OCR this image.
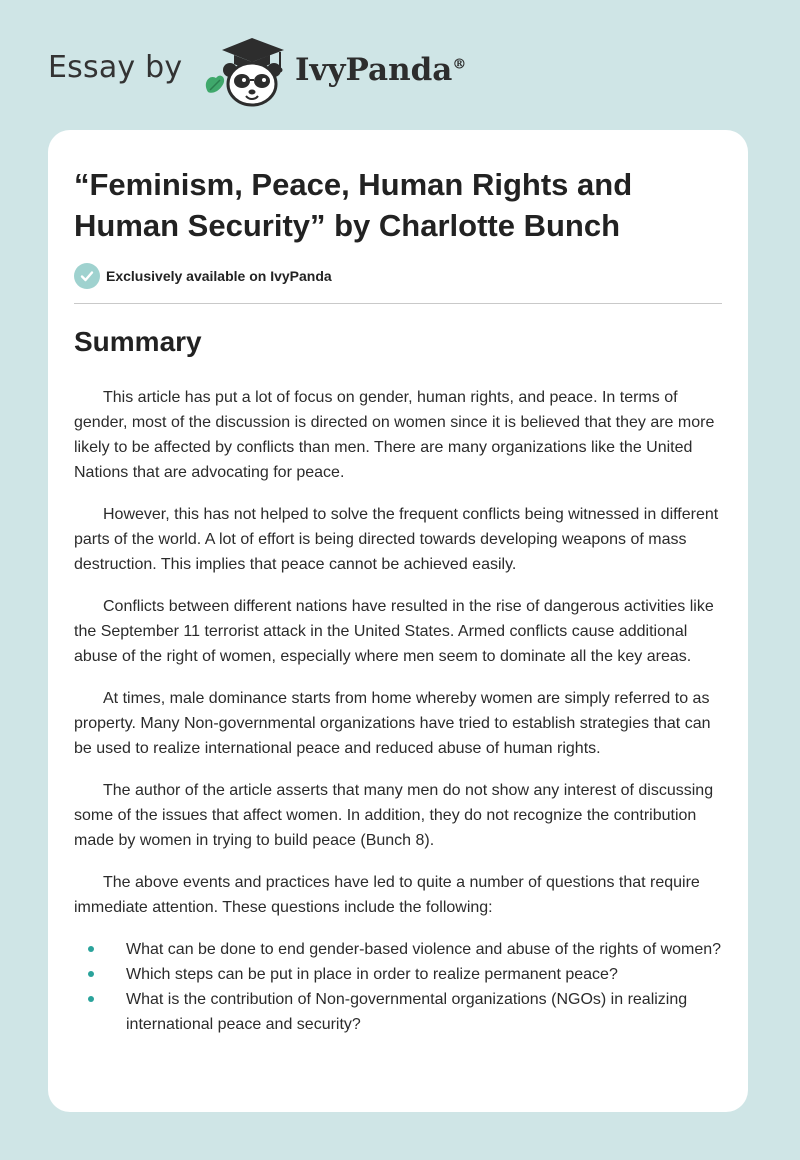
Essay by	IvyPanda®
“Feminism, Peace, Human Rights and Human Security” by Charlotte Bunch
Exclusively available on IvyPanda
Summary

This article has put a lot of focus on gender, human rights, and peace. In terms of gender, most of the discussion is directed on women since it is believed that they are more likely to be affected by conflicts than men. There are many organizations like the United Nations that are advocating for peace.

However, this has not helped to solve the frequent conflicts being witnessed in different parts of the world. A lot of effort is being directed towards developing weapons of mass destruction. This implies that peace cannot be achieved easily.

Conflicts between different nations have resulted in the rise of dangerous activities like the September 11 terrorist attack in the United States. Armed conflicts cause additional abuse of the right of women, especially where men seem to dominate all the key areas.

At times, male dominance starts from home whereby women are simply referred to as property. Many Non-governmental organizations have tried to establish strategies that can be used to realize international peace and reduced abuse of human rights.

The author of the article asserts that many men do not show any interest of discussing some of the issues that affect women. In addition, they do not recognize the contribution made by women in trying to build peace (Bunch 8).

The above events and practices have led to quite a number of questions that require immediate attention. These questions include the following:

What can be done to end gender-based violence and abuse of the rights of women?
Which steps can be put in place in order to realize permanent peace?
What is the contribution of Non-governmental organizations (NGOs) in realizing international peace and security?
